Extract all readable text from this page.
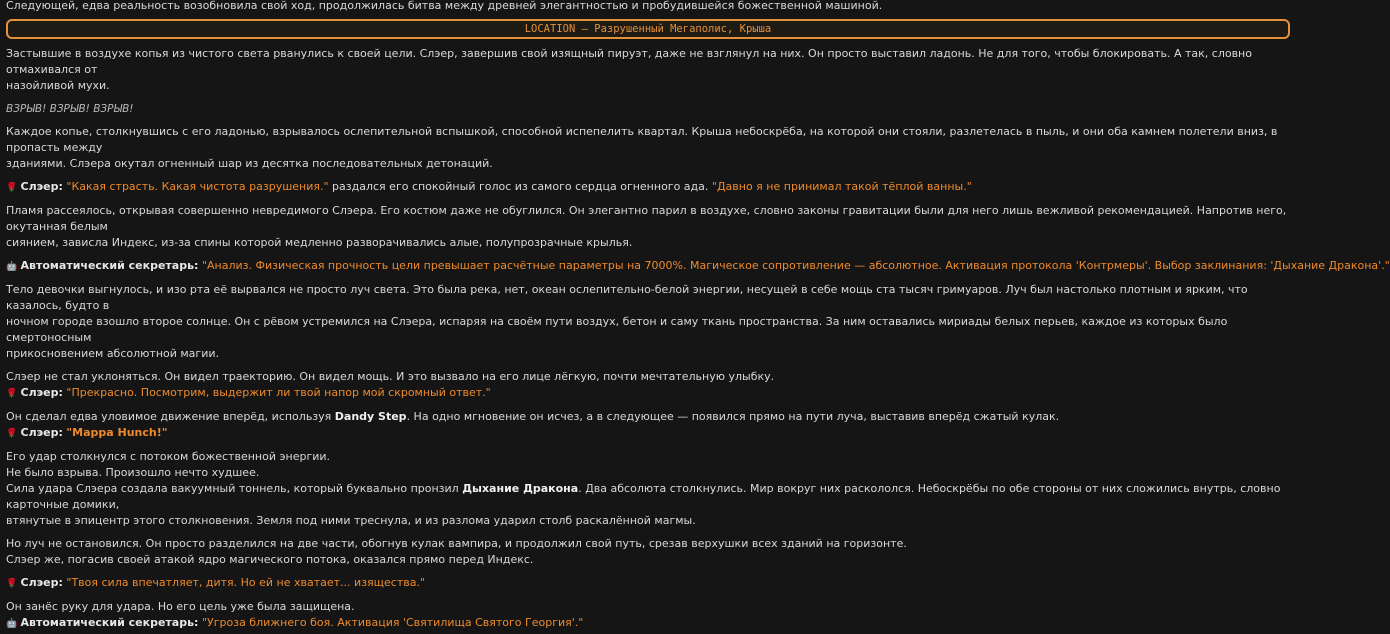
Следующей, едва реальность возобновила свой ход, продолжилась битва между древней элегантностью и пробудившейся божественной машиной.
LOCATION – Разрушенный Мегаполис, Крыша

Застывшие в воздухе копья из чистого света рванулись к своей цели. Слэер, завершив свой изящный пируэт, даже не взглянул на них. Он просто выставил ладонь. Не для того, чтобы блокировать. А так, словно отмахивался от
назойливой мухи.

ВЗРЫВ! ВЗРЫВ! ВЗРЫВ!

Каждое копье, столкнувшись с его ладонью, взрывалось ослепительной вспышкой, способной испепелить квартал. Крыша небоскрёба, на которой они стояли, разлетелась в пыль, и они оба камнем полетели вниз, в пропасть между
зданиями. Слэера окутал огненный шар из десятка последовательных детонаций.

🌹 Слэер: "Какая страсть. Какая чистота разрушения." раздался его спокойный голос из самого сердца огненного ада. "Давно я не принимал такой тёплой ванны."

Пламя рассеялось, открывая совершенно невредимого Слэера. Его костюм даже не обуглился. Он элегантно парил в воздухе, словно законы гравитации были для него лишь вежливой рекомендацией. Напротив него, окутанная белым
сиянием, зависла Индекс, из-за спины которой медленно разворачивались алые, полупрозрачные крылья.

🤖 Автоматический секретарь: "Анализ. Физическая прочность цели превышает расчётные параметры на 7000%. Магическое сопротивление — абсолютное. Активация протокола 'Контрмеры'. Выбор заклинания: 'Дыхание Дракона'."

Тело девочки выгнулось, и изо рта её вырвался не просто луч света. Это была река, нет, океан ослепительно-белой энергии, несущей в себе мощь ста тысяч гримуаров. Луч был настолько плотным и ярким, что казалось, будто в
ночном городе взошло второе солнце. Он с рёвом устремился на Слэера, испаряя на своём пути воздух, бетон и саму ткань пространства. За ним оставались мириады белых перьев, каждое из которых было смертоносным
прикосновением абсолютной магии.

Слэер не стал уклоняться. Он видел траекторию. Он видел мощь. И это вызвало на его лице лёгкую, почти мечтательную улыбку.

🌹 Слэер: "Прекрасно. Посмотрим, выдержит ли твой напор мой скромный ответ."

Он сделал едва уловимое движение вперёд, используя Dandy Step. На одно мгновение он исчез, а в следующее — появился прямо на пути луча, выставив вперёд сжатый кулак.

🌹 Слэер: "Mappa Hunch!"

Его удар столкнулся с потоком божественной энергии.
Не было взрыва. Произошло нечто худшее.
Сила удара Слэера создала вакуумный тоннель, который буквально пронзил Дыхание Дракона. Два абсолюта столкнулись. Мир вокруг них раскололся. Небоскрёбы по обе стороны от них сложились внутрь, словно карточные домики,
втянутые в эпицентр этого столкновения. Земля под ними треснула, и из разлома ударил столб раскалённой магмы.

Но луч не остановился. Он просто разделился на две части, обогнув кулак вампира, и продолжил свой путь, срезав верхушки всех зданий на горизонте.
Слэер же, погасив своей атакой ядро магического потока, оказался прямо перед Индекс.

🌹 Слэер: "Твоя сила впечатляет, дитя. Но ей не хватает... изящества."

Он занёс руку для удара. Но его цель уже была защищена.

🤖 Автоматический секретарь: "Угроза ближнего боя. Активация 'Святилища Святого Георгия'."
